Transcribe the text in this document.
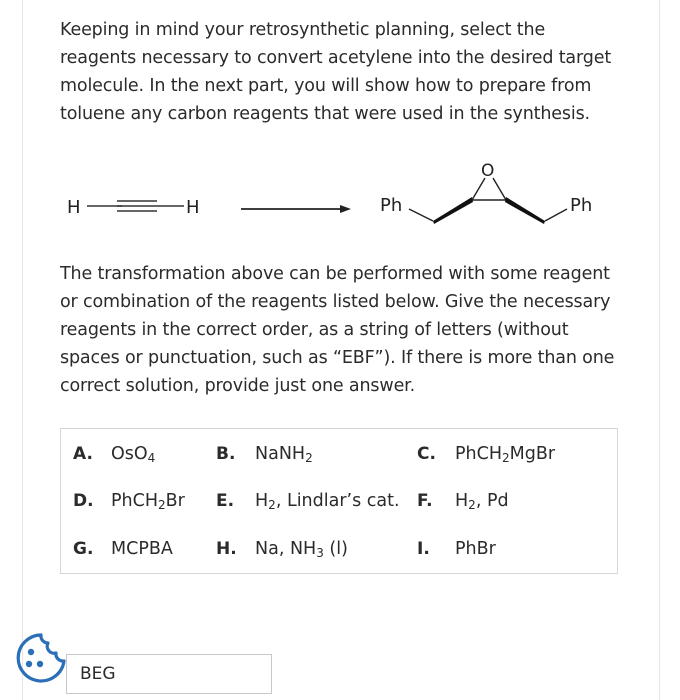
Keeping in mind your retrosynthetic planning, select the reagents necessary to convert acetylene into the desired target molecule. In the next part, you will show how to prepare from toluene any carbon reagents that were used in the synthesis.
H	H	Ph
O
Ph
The transformation above can be performed with some reagent or combination of the reagents listed below. Give the necessary reagents in the correct order, as a string of letters (without spaces or punctuation, such as “EBF”). If there is more than one correct solution, provide just one answer.
A. OsO$_4$	B. NaNH$_2$	C. PhCH$_2$MgBr
D. PhCH$_2$Br E. $H_2$, Lindlar’s cat. F. $H_2$, Pd
G. MCPBA	H. Na, $NH_3$ (l)	I. PhBr
BEG
